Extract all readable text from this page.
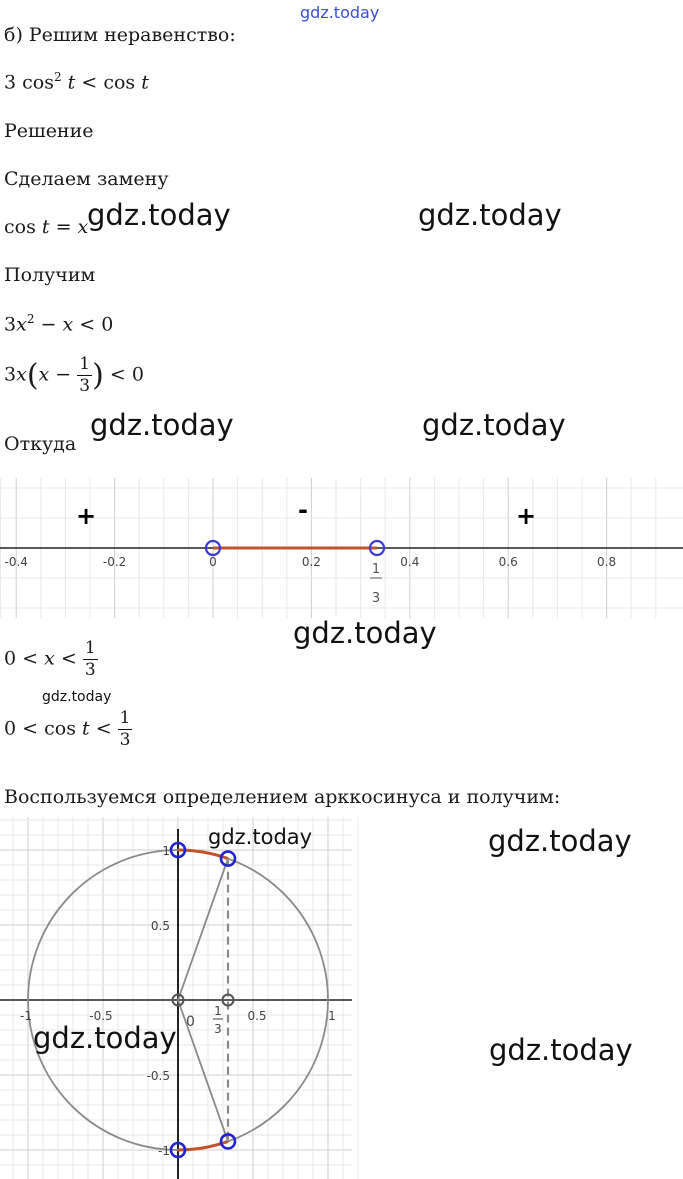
gdz.today
б) Решим неравенство:
3 $\cos^2 t < \cos t$
Решение
Сделаем замену
cos t = x
Получим
$3x^2 - x < 0$
$3x(x - \frac{1}{3}$ ) < 0
Откуда
-0.4	-0.2	0	0.2	0.4	0.6	0.8
+	-	+
1
3
gdz.today	gdz.today
gdz.today	gdz.today
gdz.today
$0 < x < \frac{1}{3}$
gdz.today
$0 < \cos t < \frac{1}{3}$
Воспользуемся определением арккосинуса и получим:
-1	-0.5	0.5	1
1
0.5
-0.5
-1
0
1
3
gdz.today	gdz.today
gdz.today	gdz.today
